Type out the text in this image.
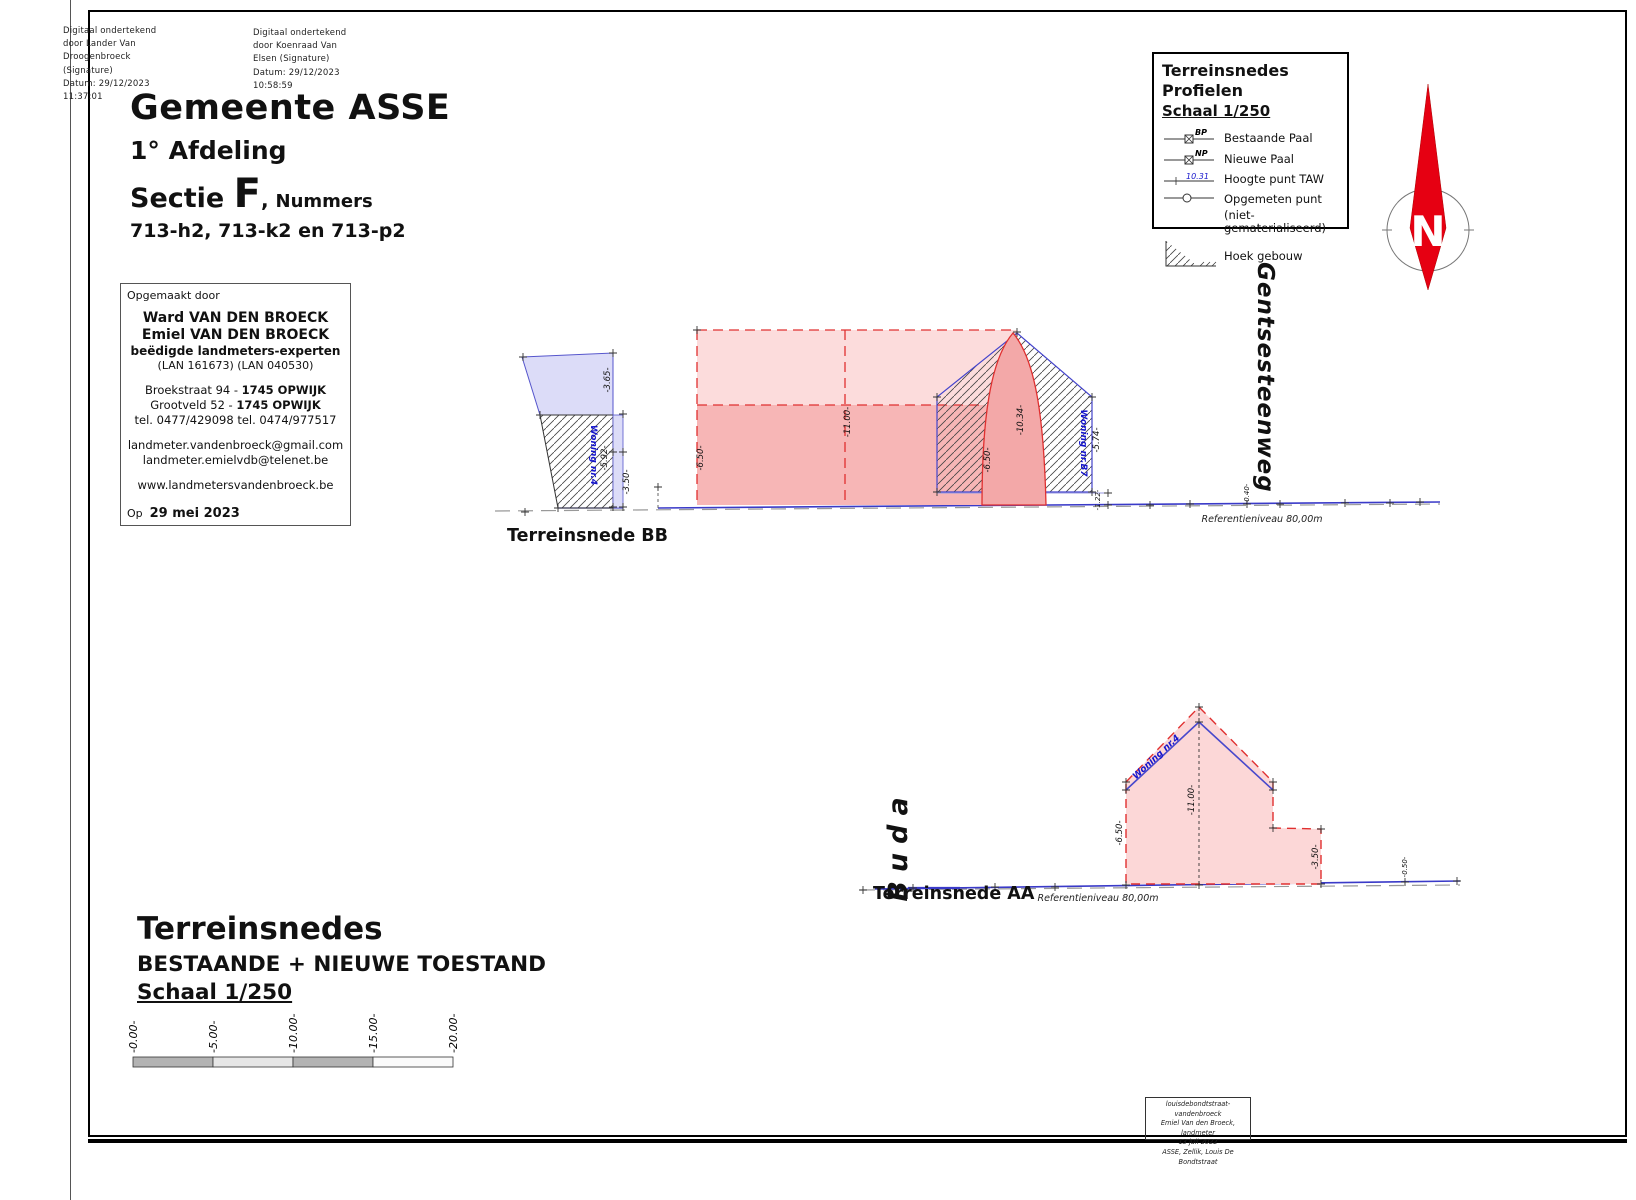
Digitaal ondertekend
door Lander Van
Droogenbroeck
(Signature)
Datum: 29/12/2023
11:37:01
Digitaal ondertekend
door Koenraad Van
Elsen (Signature)
Datum: 29/12/2023
10:58:59
Gemeente ASSE
1° Afdeling
Sectie F, Nummers
713-h2, 713-k2 en 713-p2
Terreinsnedes
Profielen
Schaal 1/250
BP Bestaande Paal
NP Nieuwe Paal
10.31 Hoogte punt TAW
Opgemeten punt
(niet-gematerialiseerd)
Hoek gebouw	N
Gentsesteenweg
Opgemaakt door
Ward VAN DEN BROECK
Emiel VAN DEN BROECK
beëdigde landmeters-experten
(LAN 161673) (LAN 040530)
Broekstraat 94 - 1745 OPWIJK
Grootveld 52 - 1745 OPWIJK
tel. 0477/429098 tel. 0474/977517
landmeter.vandenbroeck@gmail.com
landmeter.emielvdb@telenet.be
www.landmetersvandenbroeck.be
Op 29 mei 2023
-3.65-
-5.92-
-3.50-
-6.50-
-11.00-
-6.50-
-10.34-
-5.74-
-1.22-	-0.40-
Woning nr.4	Woning nr.B7
Referentieniveau 80,00m
Terreinsnede BB
Buda
Woning nr.4
-6.50-
-11.00-
-3.50-	-0.50-
Referentieniveau 80,00m
Terreinsnede AA
Terreinsnedes
BESTAANDE + NIEUWE TOESTAND
Schaal 1/250
-0.00-	-5.00-	-10.00-	-15.00-	-20.00-
louisdebondtstraat-vandenbroeck
Emiel Van den Broeck, landmeter
13 juli 2022
ASSE, Zellik, Louis De Bondtstraat
